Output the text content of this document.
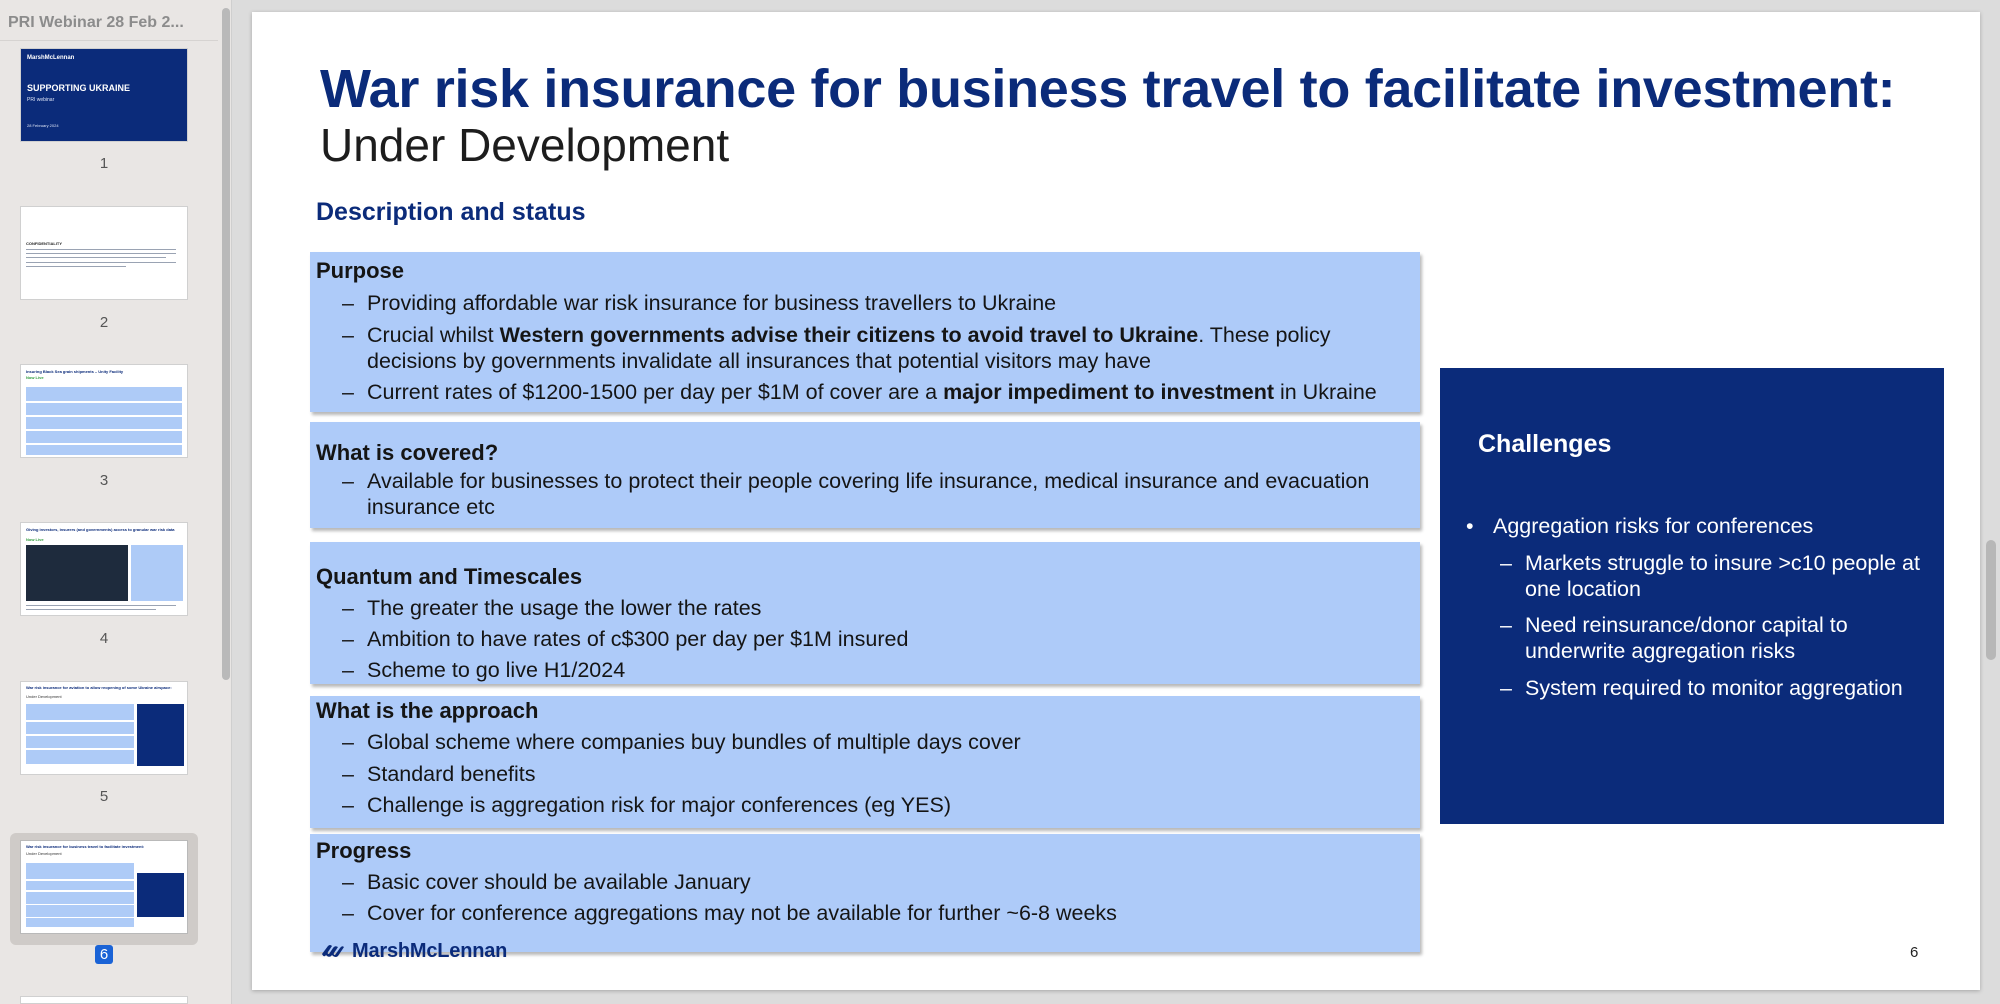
PRI Webinar 28 Feb 2...
MarshMcLennan
SUPPORTING UKRAINE
PRI webinar
28 February 2024
1
CONFIDENTIALITY
2
Insuring Black Sea grain shipments – Unity Facility
Now Live
3
Giving investors, insurers (and governments) access to granular war risk data
Now Live
4
War risk insurance for aviation to allow reopening of some Ukraine airspace:
Under Development
5
War risk insurance for business travel to facilitate investment:
Under Development
6
War risk insurance for business travel to facilitate investment:
Under Development
Description and status
Purpose
– Providing affordable war risk insurance for business travellers to Ukraine
– Crucial whilst Western governments advise their citizens to avoid travel to Ukraine. These policy decisions by governments invalidate all insurances that potential visitors may have
– Current rates of $1200-1500 per day per $1M of cover are a major impediment to investment in Ukraine
What is covered?
– Available for businesses to protect their people covering life insurance, medical insurance and evacuation insurance etc
Quantum and Timescales
– The greater the usage the lower the rates
– Ambition to have rates of c$300 per day per $1M insured
– Scheme to go live H1/2024
What is the approach
– Global scheme where companies buy bundles of multiple days cover
– Standard benefits
– Challenge is aggregation risk for major conferences (eg YES)
Progress
– Basic cover should be available January
– Cover for conference aggregations may not be available for further ~6-8 weeks
Challenges
• Aggregation risks for conferences
– Markets struggle to insure >c10 people at one location
– Need reinsurance/donor capital to underwrite aggregation risks
– System required to monitor aggregation
MarshMcLennan	6
